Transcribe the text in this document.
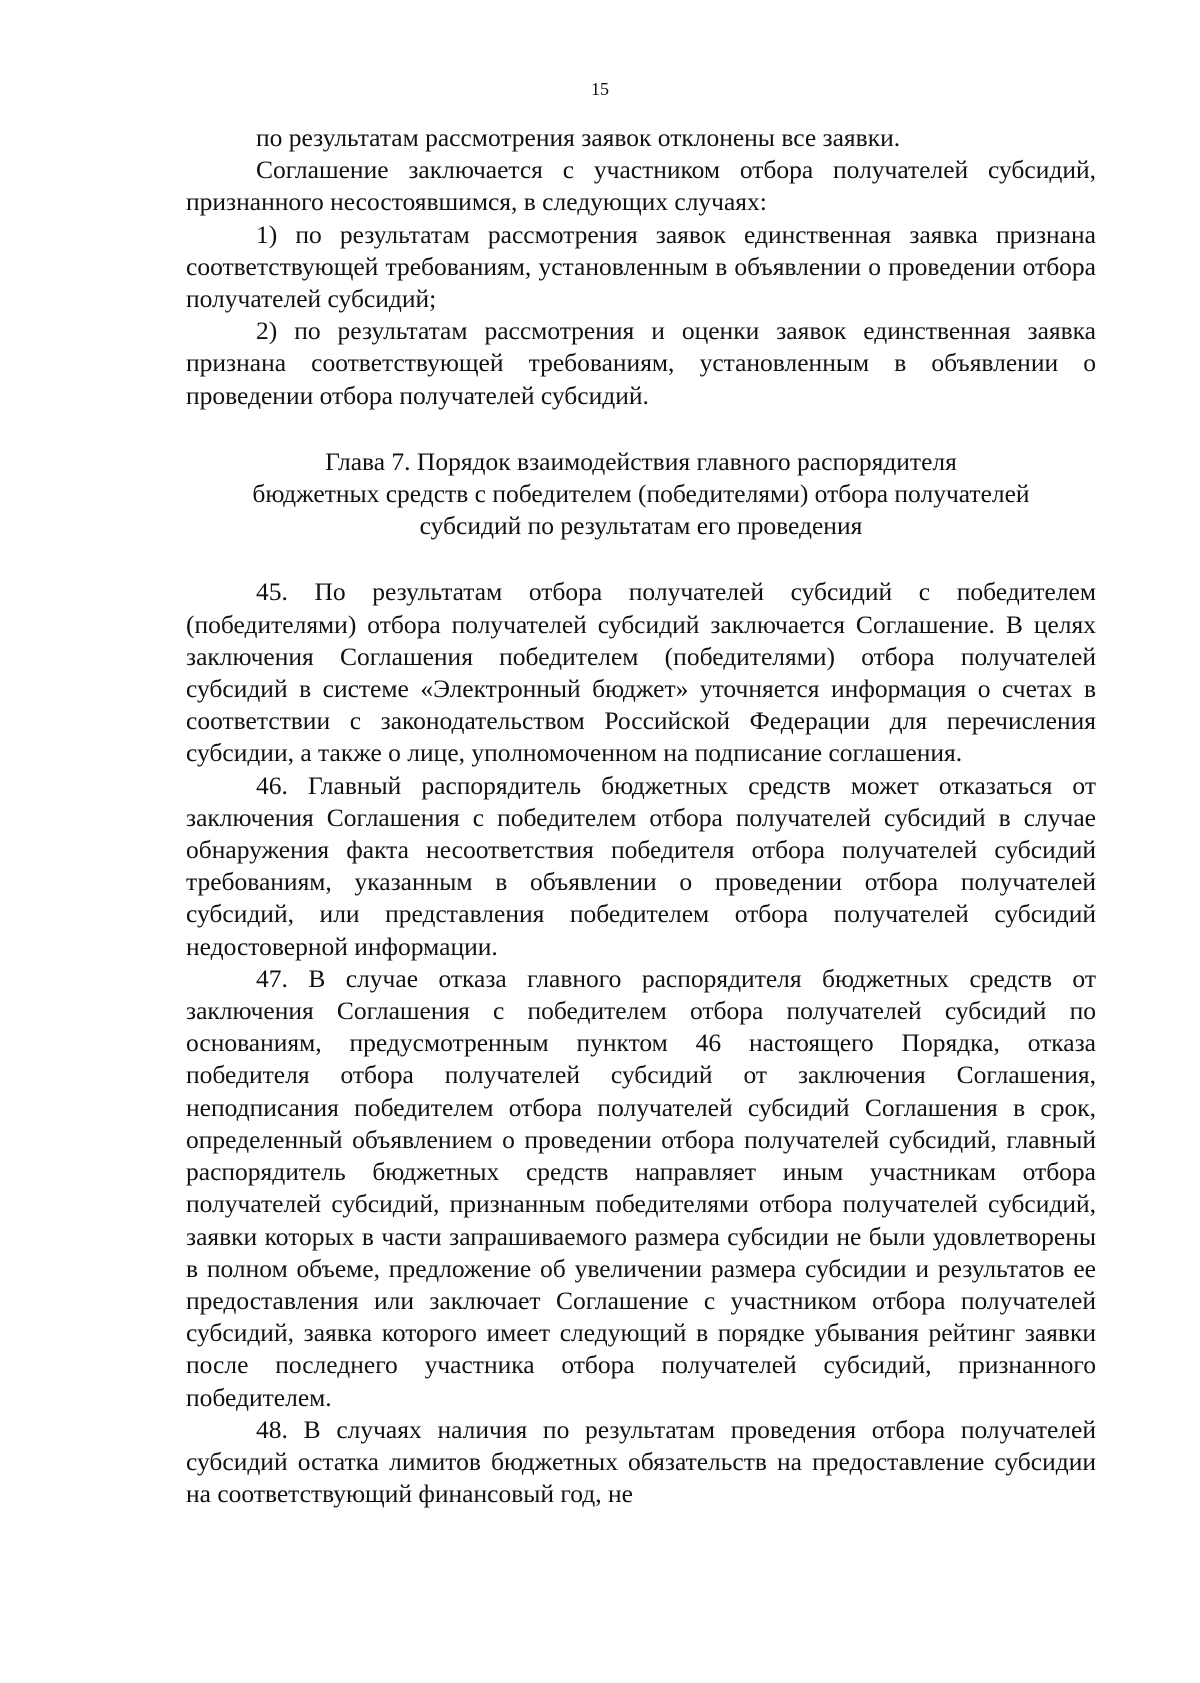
15

по результатам рассмотрения заявок отклонены все заявки.

Соглашение заключается с участником отбора получателей субсидий, признанного несостоявшимся, в следующих случаях:

1) по результатам рассмотрения заявок единственная заявка признана соответствующей требованиям, установленным в объявлении о проведении отбора получателей субсидий;

2) по результатам рассмотрения и оценки заявок единственная заявка признана соответствующей требованиям, установленным в объявлении о проведении отбора получателей субсидий.

Глава 7. Порядок взаимодействия главного распорядителя
бюджетных средств с победителем (победителями) отбора получателей
субсидий по результатам его проведения

45. По результатам отбора получателей субсидий с победителем (победителями) отбора получателей субсидий заключается Соглашение. В целях заключения Соглашения победителем (победителями) отбора получателей субсидий в системе «Электронный бюджет» уточняется информация о счетах в соответствии с законодательством Российской Федерации для перечисления субсидии, а также о лице, уполномоченном на подписание соглашения.

46. Главный распорядитель бюджетных средств может отказаться от заключения Соглашения с победителем отбора получателей субсидий в случае обнаружения факта несоответствия победителя отбора получателей субсидий требованиям, указанным в объявлении о проведении отбора получателей субсидий, или представления победителем отбора получателей субсидий недостоверной информации.

47. В случае отказа главного распорядителя бюджетных средств от заключения Соглашения с победителем отбора получателей субсидий по основаниям, предусмотренным пунктом 46 настоящего Порядка, отказа победителя отбора получателей субсидий от заключения Соглашения, неподписания победителем отбора получателей субсидий Соглашения в срок, определенный объявлением о проведении отбора получателей субсидий, главный распорядитель бюджетных средств направляет иным участникам отбора получателей субсидий, признанным победителями отбора получателей субсидий, заявки которых в части запрашиваемого размера субсидии не были удовлетворены в полном объеме, предложение об увеличении размера субсидии и результатов ее предоставления или заключает Соглашение с участником отбора получателей субсидий, заявка которого имеет следующий в порядке убывания рейтинг заявки после последнего участника отбора получателей субсидий, признанного победителем.

48. В случаях наличия по результатам проведения отбора получателей субсидий остатка лимитов бюджетных обязательств на предоставление субсидии на соответствующий финансовый год, не
